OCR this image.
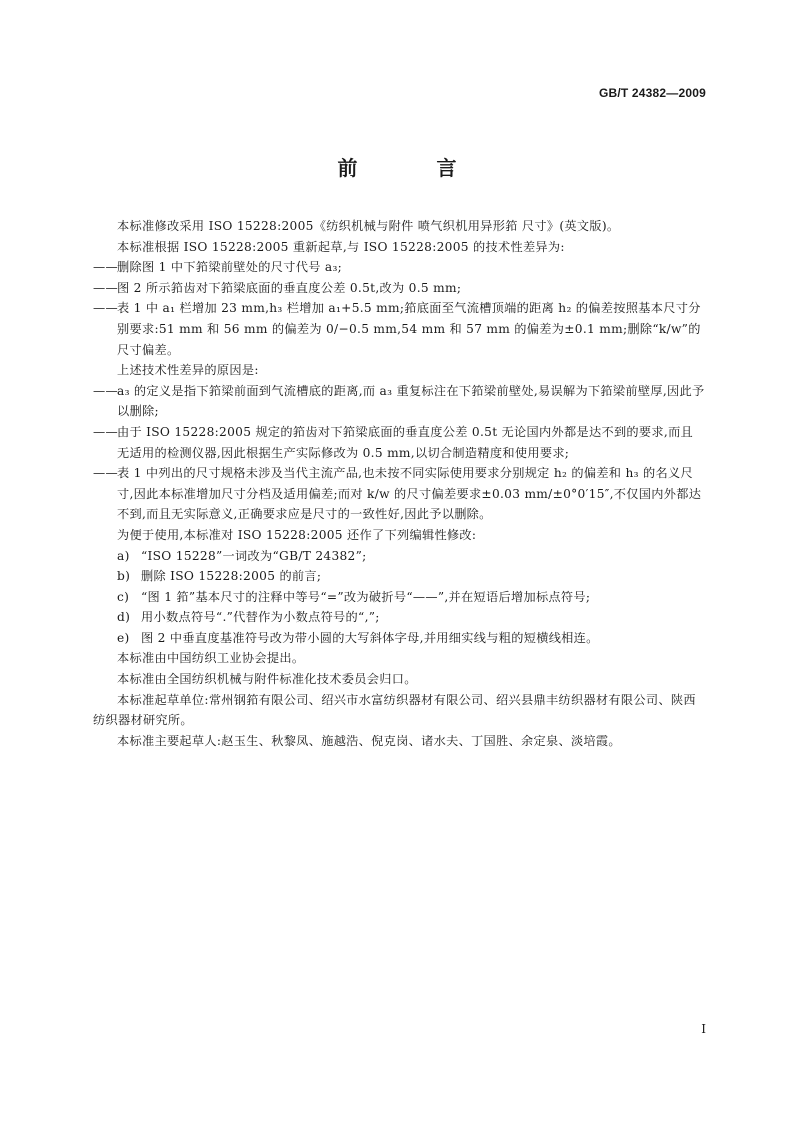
GB/T 24382—2009
前 言

本标准修改采用 ISO 15228:2005《纺织机械与附件 喷气织机用异形筘 尺寸》(英文版)。

本标准根据 ISO 15228:2005 重新起草,与 ISO 15228:2005 的技术性差异为:

——删除图 1 中下筘梁前壁处的尺寸代号 a₃;

——图 2 所示筘齿对下筘梁底面的垂直度公差 0.5t,改为 0.5 mm;

——表 1 中 a₁ 栏增加 23 mm,h₃ 栏增加 a₁+5.5 mm;筘底面至气流槽顶端的距离 h₂ 的偏差按照基本尺寸分别要求:51 mm 和 56 mm 的偏差为 0/−0.5 mm,54 mm 和 57 mm 的偏差为±0.1 mm;删除“k/w”的尺寸偏差。

上述技术性差异的原因是:

——a₃ 的定义是指下筘梁前面到气流槽底的距离,而 a₃ 重复标注在下筘梁前壁处,易误解为下筘梁前壁厚,因此予以删除;

——由于 ISO 15228:2005 规定的筘齿对下筘梁底面的垂直度公差 0.5t 无论国内外都是达不到的要求,而且无适用的检测仪器,因此根据生产实际修改为 0.5 mm,以切合制造精度和使用要求;

——表 1 中列出的尺寸规格未涉及当代主流产品,也未按不同实际使用要求分别规定 h₂ 的偏差和 h₃ 的名义尺寸,因此本标准增加尺寸分档及适用偏差;而对 k/w 的尺寸偏差要求±0.03 mm/±0°0′15″,不仅国内外都达不到,而且无实际意义,正确要求应是尺寸的一致性好,因此予以删除。

为便于使用,本标准对 ISO 15228:2005 还作了下列编辑性修改:

a) “ISO 15228”一词改为“GB/T 24382”;

b) 删除 ISO 15228:2005 的前言;

c) “图 1 筘”基本尺寸的注释中等号“=”改为破折号“——”,并在短语后增加标点符号;

d) 用小数点符号“.”代替作为小数点符号的“,”;

e) 图 2 中垂直度基准符号改为带小圆的大写斜体字母,并用细实线与粗的短横线相连。

本标准由中国纺织工业协会提出。

本标准由全国纺织机械与附件标准化技术委员会归口。

本标准起草单位:常州钢筘有限公司、绍兴市水富纺织器材有限公司、绍兴县鼎丰纺织器材有限公司、陕西纺织器材研究所。

本标准主要起草人:赵玉生、秋黎凤、施越浩、倪克岗、诸水夫、丁国胜、余定泉、淡培霞。

I
